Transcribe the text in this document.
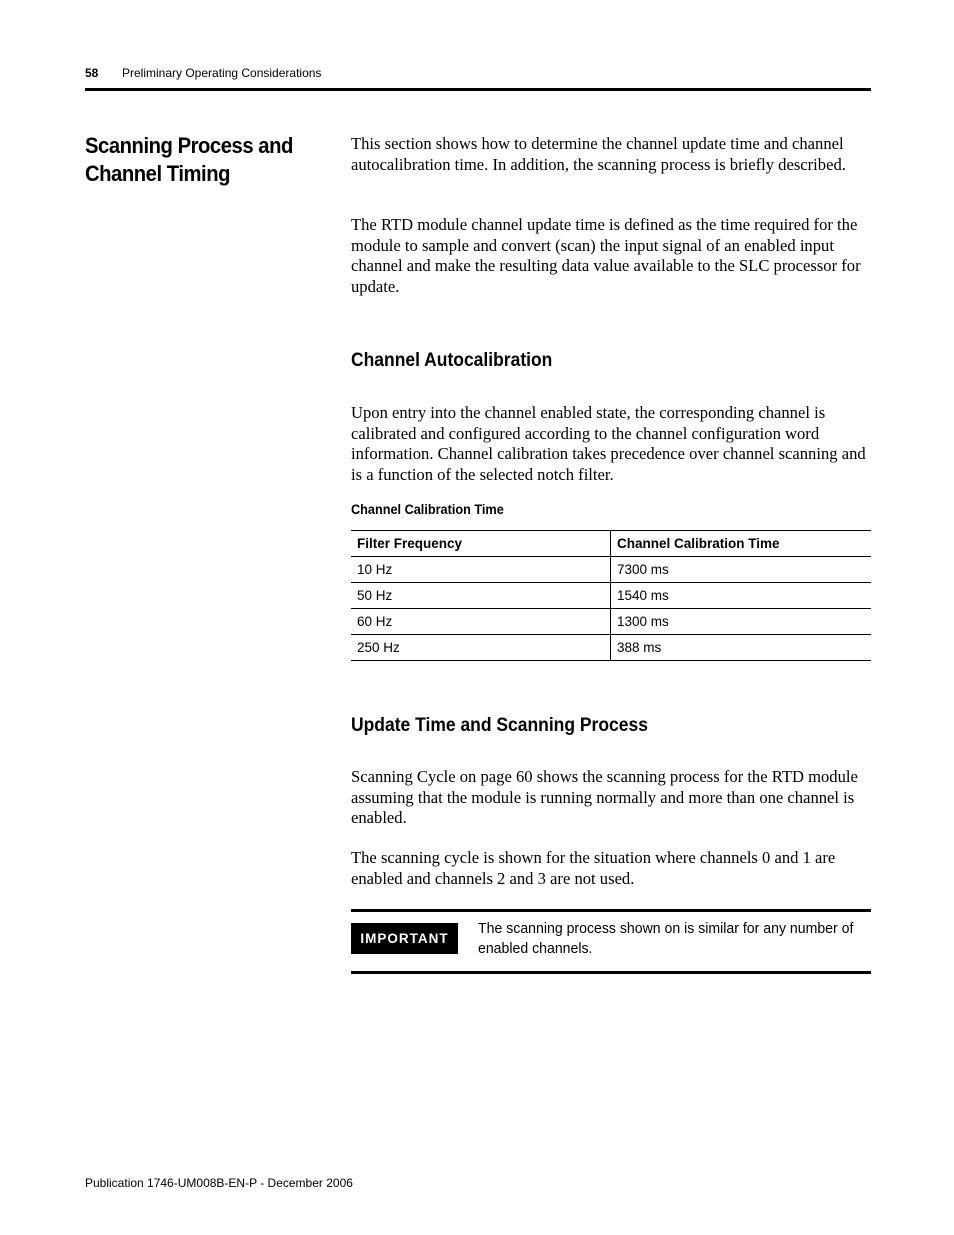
58 Preliminary Operating Considerations
Scanning Process and
Channel Timing

This section shows how to determine the channel update time and channel autocalibration time. In addition, the scanning process is briefly described.

The RTD module channel update time is defined as the time required for the module to sample and convert (scan) the input signal of an enabled input channel and make the resulting data value available to the SLC processor for update.

Channel Autocalibration

Upon entry into the channel enabled state, the corresponding channel is calibrated and configured according to the channel configuration word information. Channel calibration takes precedence over channel scanning and is a function of the selected notch filter.

Channel Calibration Time
Filter Frequency	Channel Calibration Time
10 Hz	7300 ms
50 Hz	1540 ms
60 Hz	1300 ms
250 Hz	388 ms
Update Time and Scanning Process

Scanning Cycle on page 60 shows the scanning process for the RTD module assuming that the module is running normally and more than one channel is enabled.

The scanning cycle is shown for the situation where channels 0 and 1 are enabled and channels 2 and 3 are not used.

IMPORTANT
The scanning process shown on is similar for any number of enabled channels.
Publication 1746-UM008B-EN-P - December 2006
